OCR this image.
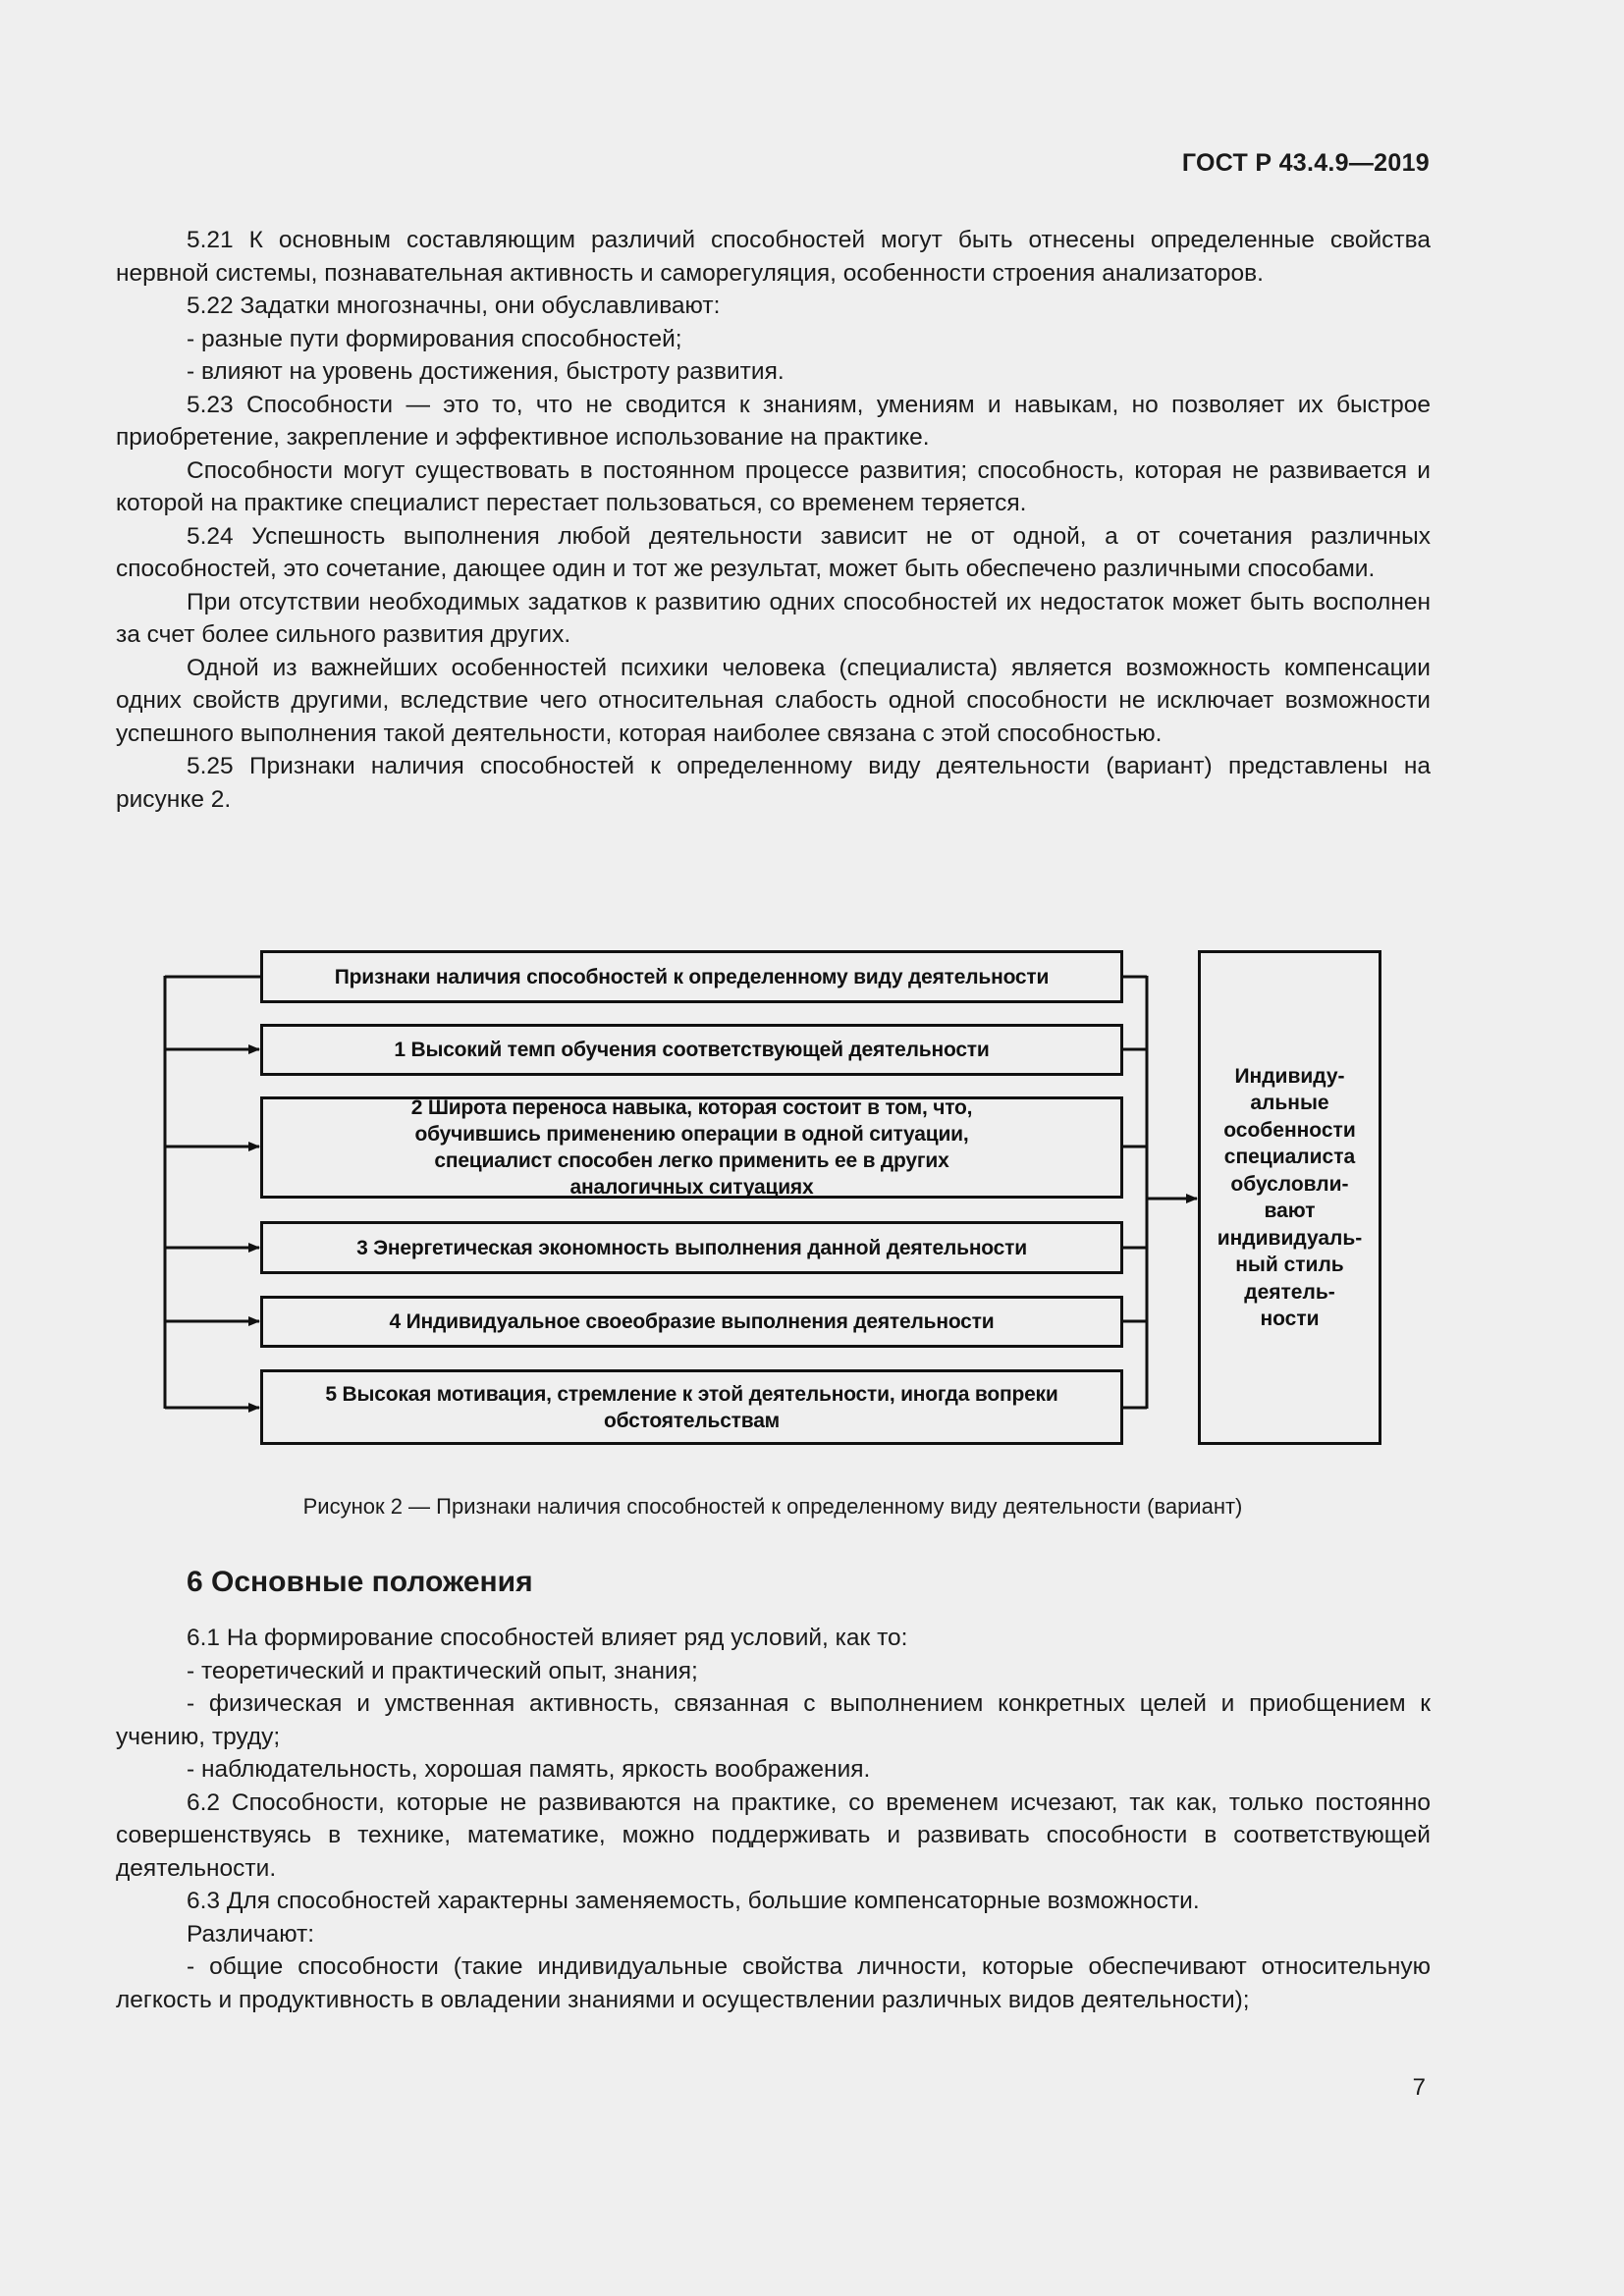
ГОСТ Р 43.4.9—2019

5.21 К основным составляющим различий способностей могут быть отнесены определенные свойства нервной системы, познавательная активность и саморегуляция, особенности строения анализаторов.

5.22 Задатки многозначны, они обуславливают:

- разные пути формирования способностей;

- влияют на уровень достижения, быстроту развития.

5.23 Способности — это то, что не сводится к знаниям, умениям и навыкам, но позволяет их быстрое приобретение, закрепление и эффективное использование на практике.

Способности могут существовать в постоянном процессе развития; способность, которая не развивается и которой на практике специалист перестает пользоваться, со временем теряется.

5.24 Успешность выполнения любой деятельности зависит не от одной, а от сочетания различных способностей, это сочетание, дающее один и тот же результат, может быть обеспечено различными способами.

При отсутствии необходимых задатков к развитию одних способностей их недостаток может быть восполнен за счет более сильного развития других.

Одной из важнейших особенностей психики человека (специалиста) является возможность компенсации одних свойств другими, вследствие чего относительная слабость одной способности не исключает возможности успешного выполнения такой деятельности, которая наиболее связана с этой способностью.

5.25 Признаки наличия способностей к определенному виду деятельности (вариант) представлены на рисунке 2.

Признаки наличия способностей к определенному виду деятельности
1 Высокий темп обучения соответствующей деятельности
2 Широта переноса навыка, которая состоит в том, что, обучившись применению операции в одной ситуации, специалист способен легко применить ее в других аналогичных ситуациях
3 Энергетическая экономность выполнения данной деятельности
4 Индивидуальное своеобразие выполнения деятельности
5 Высокая мотивация, стремление к этой деятельности, иногда вопреки обстоятельствам
Индивиду-
альные
особенности
специалиста
обусловли-
вают
индивидуаль-
ный стиль
деятель-
ности
Рисунок 2 — Признаки наличия способностей к определенному виду деятельности (вариант)
6 Основные положения

6.1 На формирование способностей влияет ряд условий, как то:

- теоретический и практический опыт, знания;

- физическая и умственная активность, связанная с выполнением конкретных целей и приобщением к учению, труду;

- наблюдательность, хорошая память, яркость воображения.

6.2 Способности, которые не развиваются на практике, со временем исчезают, так как, только постоянно совершенствуясь в технике, математике, можно поддерживать и развивать способности в соответствующей деятельности.

6.3 Для способностей характерны заменяемость, большие компенсаторные возможности.

Различают:

- общие способности (такие индивидуальные свойства личности, которые обеспечивают относительную легкость и продуктивность в овладении знаниями и осуществлении различных видов деятельности);

7
